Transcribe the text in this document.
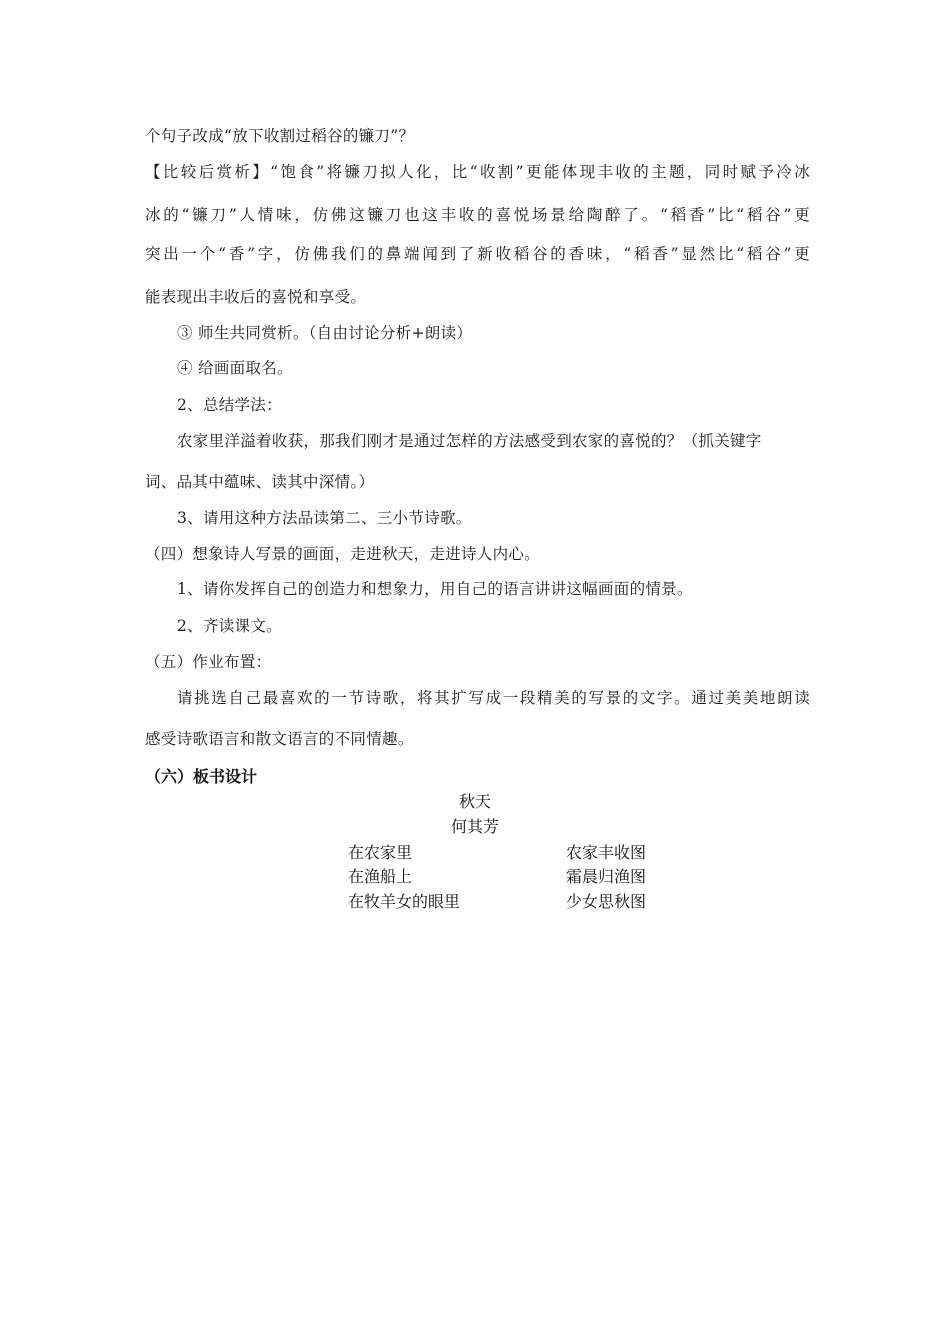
个句子改成“放下收割过稻谷的镰刀”？
【比较后赏析】“饱食”将镰刀拟人化，比“收割”更能体现丰收的主题，同时赋予冷冰
冰的“镰刀”人情味，仿佛这镰刀也这丰收的喜悦场景给陶醉了。“稻香”比“稻谷”更
突出一个“香”字，仿佛我们的鼻端闻到了新收稻谷的香味，“稻香”显然比“稻谷”更
能表现出丰收后的喜悦和享受。
③ 师生共同赏析。（自由讨论分析+朗读）
④ 给画面取名。
2、总结学法：
农家里洋溢着收获，那我们刚才是通过怎样的方法感受到农家的喜悦的？（抓关键字
词、品其中蕴味、读其中深情。）
3、请用这种方法品读第二、三小节诗歌。
（四）想象诗人写景的画面，走进秋天，走进诗人内心。
1、请你发挥自己的创造力和想象力，用自己的语言讲讲这幅画面的情景。
2、齐读课文。
（五）作业布置：
请挑选自己最喜欢的一节诗歌，将其扩写成一段精美的写景的文字。通过美美地朗读
感受诗歌语言和散文语言的不同情趣。
（六）板书设计
秋天
何其芳
在农家里
在渔船上
在牧羊女的眼里
农家丰收图
霜晨归渔图
少女思秋图
